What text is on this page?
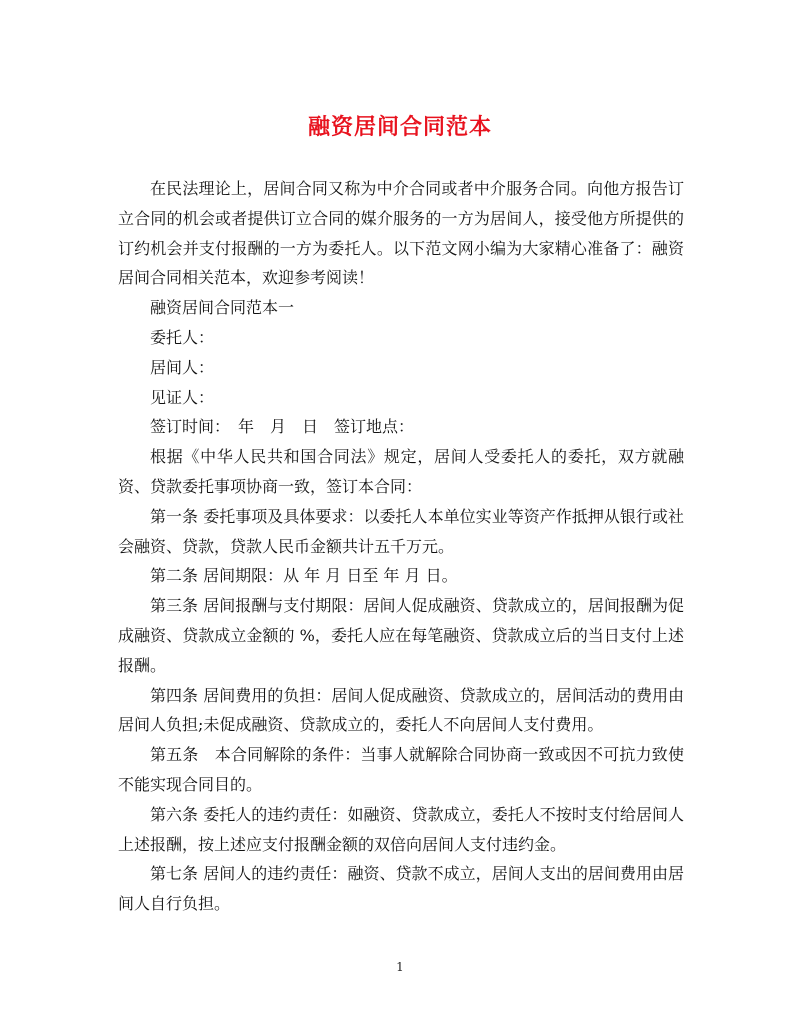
融资居间合同范本

在民法理论上，居间合同又称为中介合同或者中介服务合同。向他方报告订立合同的机会或者提供订立合同的媒介服务的一方为居间人，接受他方所提供的订约机会并支付报酬的一方为委托人。以下范文网小编为大家精心准备了：融资居间合同相关范本，欢迎参考阅读！

融资居间合同范本一

委托人：

居间人：

见证人：

签订时间：　年　月　日　签订地点：

根据《中华人民共和国合同法》规定，居间人受委托人的委托，双方就融资、贷款委托事项协商一致，签订本合同：

第一条 委托事项及具体要求：以委托人本单位实业等资产作抵押从银行或社会融资、贷款，贷款人民币金额共计五千万元。

第二条 居间期限：从 年 月 日至 年 月 日。

第三条 居间报酬与支付期限：居间人促成融资、贷款成立的，居间报酬为促成融资、贷款成立金额的 %，委托人应在每笔融资、贷款成立后的当日支付上述报酬。

第四条 居间费用的负担：居间人促成融资、贷款成立的，居间活动的费用由居间人负担;未促成融资、贷款成立的，委托人不向居间人支付费用。

第五条　本合同解除的条件：当事人就解除合同协商一致或因不可抗力致使不能实现合同目的。

第六条 委托人的违约责任：如融资、贷款成立，委托人不按时支付给居间人上述报酬，按上述应支付报酬金额的双倍向居间人支付违约金。

第七条 居间人的违约责任：融资、贷款不成立，居间人支出的居间费用由居间人自行负担。

1
